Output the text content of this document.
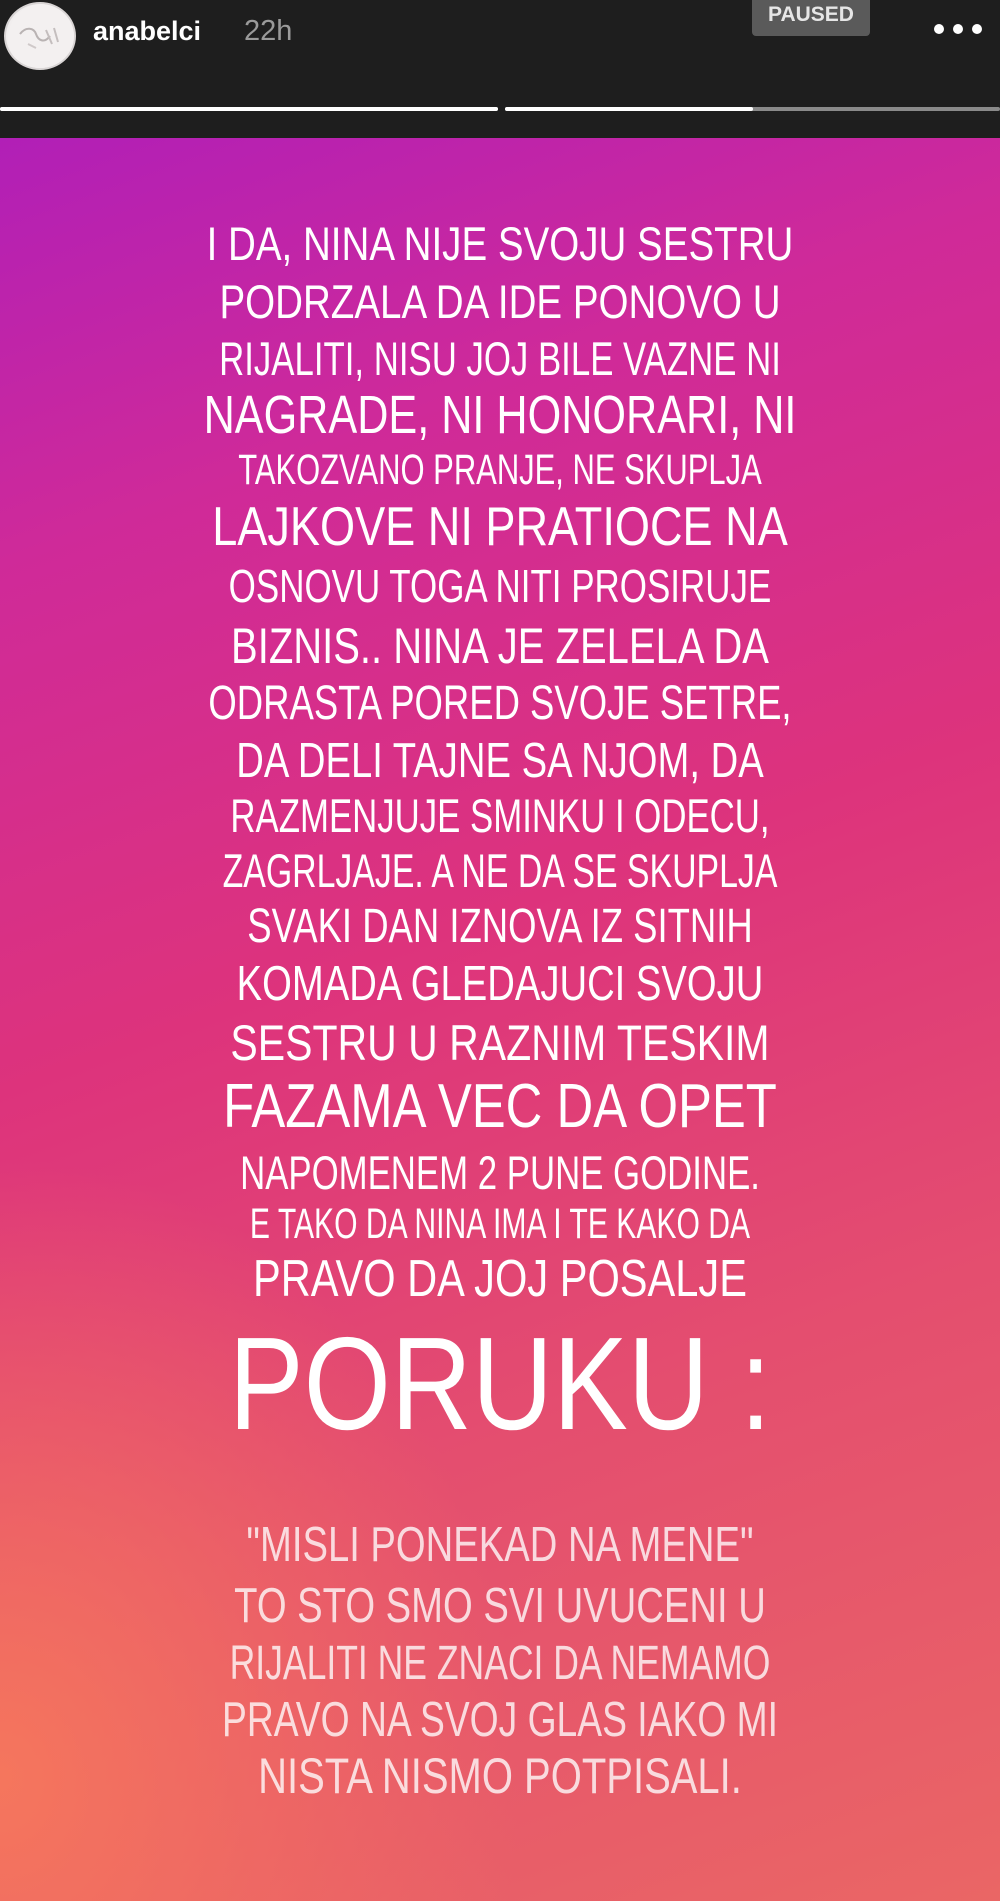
I DA, NINA NIJE SVOJU SESTRU
PODRZALA DA IDE PONOVO U
RIJALITI, NISU JOJ BILE VAZNE NI
NAGRADE, NI HONORARI, NI
TAKOZVANO PRANJE, NE SKUPLJA
LAJKOVE NI PRATIOCE NA
OSNOVU TOGA NITI PROSIRUJE
BIZNIS.. NINA JE ZELELA DA
ODRASTA PORED SVOJE SETRE,
DA DELI TAJNE SA NJOM, DA
RAZMENJUJE SMINKU I ODECU,
ZAGRLJAJE. A NE DA SE SKUPLJA
SVAKI DAN IZNOVA IZ SITNIH
KOMADA GLEDAJUCI SVOJU
SESTRU U RAZNIM TESKIM
FAZAMA VEC DA OPET
NAPOMENEM 2 PUNE GODINE.
E TAKO DA NINA IMA I TE KAKO DA
PRAVO DA JOJ POSALJE
PORUKU :
"MISLI PONEKAD NA MENE"
TO STO SMO SVI UVUCENI U
RIJALITI NE ZNACI DA NEMAMO
PRAVO NA SVOJ GLAS IAKO MI
NISTA NISMO POTPISALI.
anabelci 22h
PAUSED
